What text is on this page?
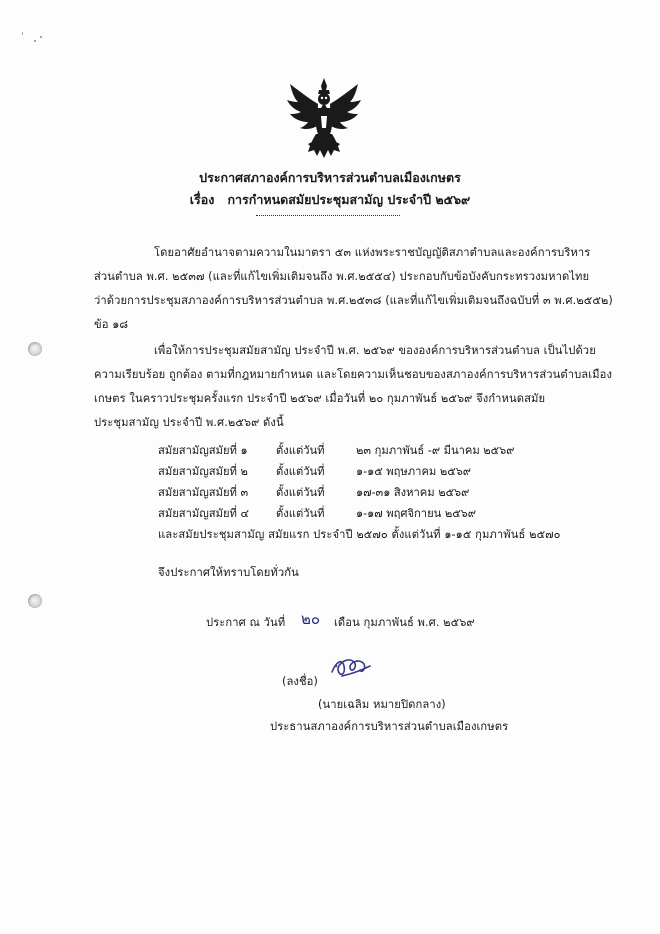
ประกาศสภาองค์การบริหารส่วนตำบลเมืองเกษตร
เรื่อง การกำหนดสมัยประชุมสามัญ ประจำปี ๒๕๖๙
โดยอาศัยอำนาจตามความในมาตรา ๕๓ แห่งพระราชบัญญัติสภาตำบลและองค์การบริหาร
ส่วนตำบล พ.ศ. ๒๕๓๗ (และที่แก้ไขเพิ่มเติมจนถึง พ.ศ.๒๕๕๔) ประกอบกับข้อบังคับกระทรวงมหาดไทย
ว่าด้วยการประชุมสภาองค์การบริหารส่วนตำบล พ.ศ.๒๕๓๘ (และที่แก้ไขเพิ่มเติมจนถึงฉบับที่ ๓ พ.ศ.๒๕๕๒)
ข้อ ๑๘
เพื่อให้การประชุมสมัยสามัญ ประจำปี พ.ศ. ๒๕๖๙ ขององค์การบริหารส่วนตำบล เป็นไปด้วย
ความเรียบร้อย ถูกต้อง ตามที่กฎหมายกำหนด และโดยความเห็นชอบของสภาองค์การบริหารส่วนตำบลเมือง
เกษตร ในคราวประชุมครั้งแรก ประจำปี ๒๕๖๙ เมื่อวันที่ ๒๐ กุมภาพันธ์ ๒๕๖๙ จึงกำหนดสมัย
ประชุมสามัญ ประจำปี พ.ศ.๒๕๖๙ ดังนี้
สมัยสามัญสมัยที่ ๑	ตั้งแต่วันที่	๒๓ กุมภาพันธ์ -๙ มีนาคม ๒๕๖๙
สมัยสามัญสมัยที่ ๒	ตั้งแต่วันที่	๑-๑๕ พฤษภาคม ๒๕๖๙
สมัยสามัญสมัยที่ ๓ ตั้งแต่วันที่	๑๗-๓๑ สิงหาคม ๒๕๖๙
สมัยสามัญสมัยที่ ๔ ตั้งแต่วันที่	๑-๑๗ พฤศจิกายน ๒๕๖๙
และสมัยประชุมสามัญ สมัยแรก ประจำปี ๒๕๗๐ ตั้งแต่วันที่ ๑-๑๕ กุมภาพันธ์ ๒๕๗๐
จึงประกาศให้ทราบโดยทั่วกัน
ประกาศ ณ วันที่ ๒๐ เดือน กุมภาพันธ์ พ.ศ. ๒๕๖๙
(ลงชื่อ)
(นายเฉลิม หมายปิดกลาง)
ประธานสภาองค์การบริหารส่วนตำบลเมืองเกษตร
